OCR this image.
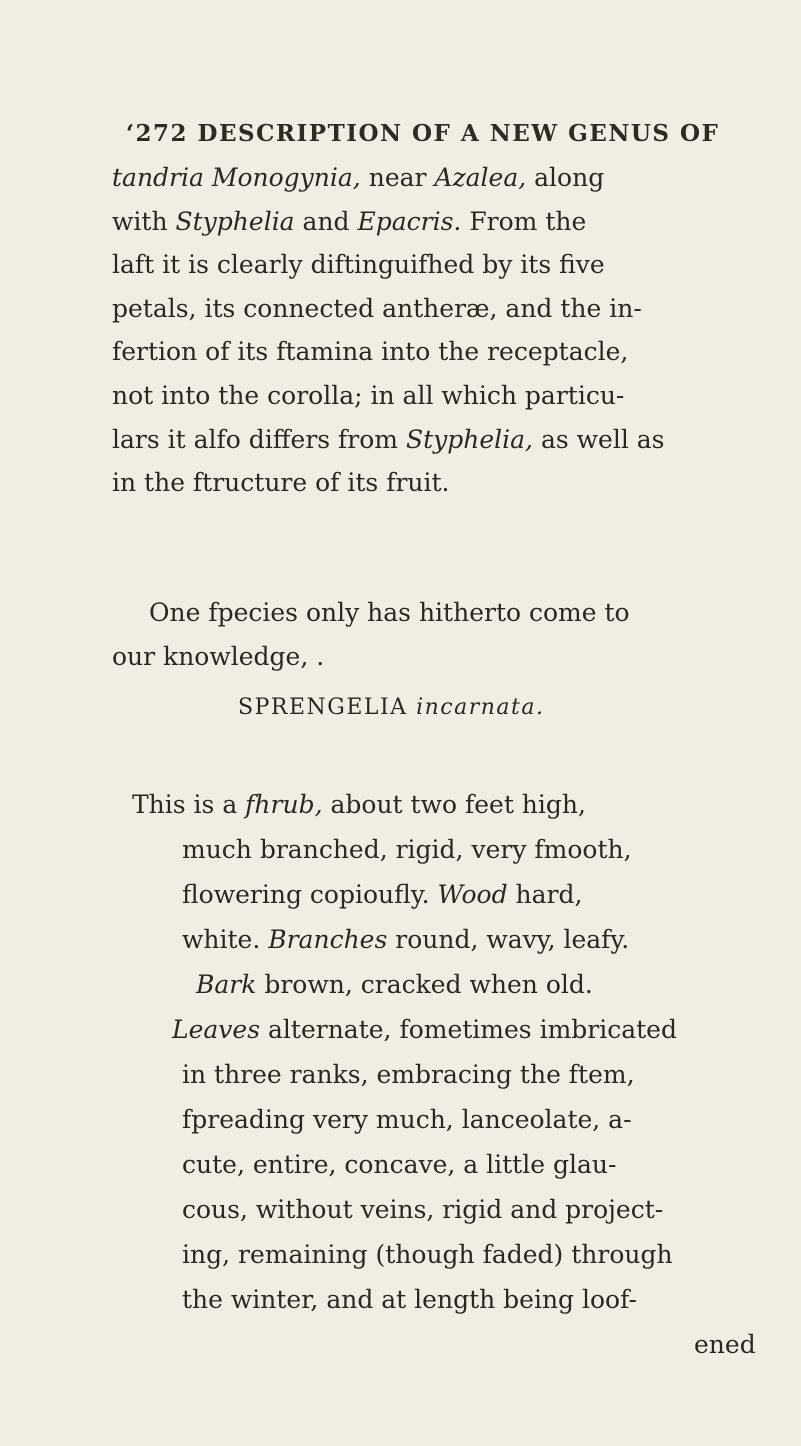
‘272 DESCRIPTION OF A NEW GENUS OF

tandria Monogynia, near Azalea, along

with Styphelia and Epacris. From the

laft it is clearly diftinguifhed by its five

petals, its connected antheræ, and the in-

fertion of its ftamina into the receptacle,

not into the corolla; in all which particu-

lars it alfo differs from Styphelia, as well as

in the ftructure of its fruit.

One fpecies only has hitherto come to

our knowledge, .

SPRENGELIA incarnata.

This is a fhrub, about two feet high,

much branched, rigid, very fmooth,

flowering copioufly. Wood hard,

white. Branches round, wavy, leafy.

Bark brown, cracked when old.

Leaves alternate, fometimes imbricated

in three ranks, embracing the ftem,

fpreading very much, lanceolate, a-

cute, entire, concave, a little glau-

cous, without veins, rigid and project-

ing, remaining (though faded) through

the winter, and at length being loof-

ened
